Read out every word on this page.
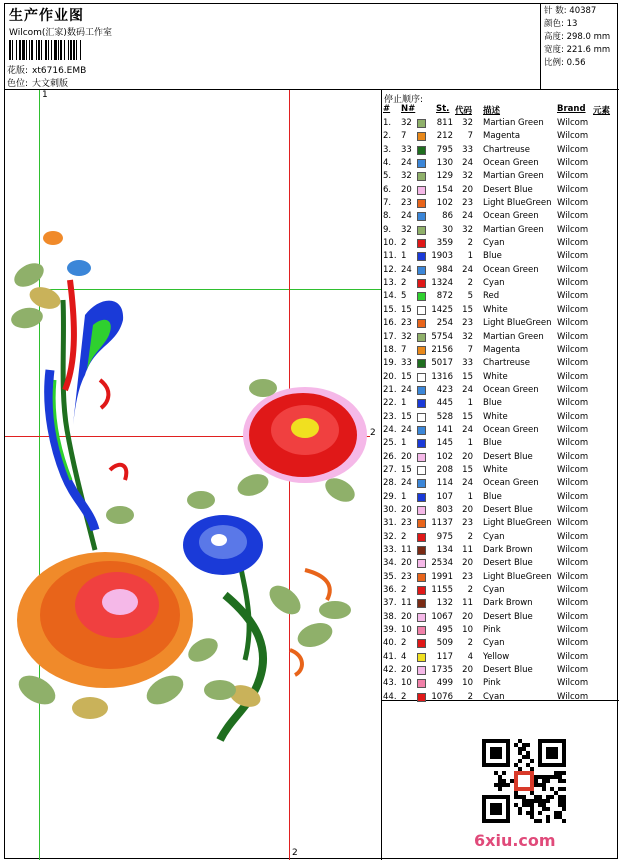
生产作业图
Wilcom(汇家)数码工作室
花版: xt6716.EMB
色位: 大文刺版
针 数: 40387
颜色: 13
高度: 298.0 mm
宽度: 221.6 mm
比例: 0.56
1
2
2
停止顺序:
# N# St. 代码 描述	Brand 元素
1. 32	811	32 Martian Green Wilcom
2. 7	212	7 Magenta	Wilcom
3. 33	795	33 Chartreuse	Wilcom
4. 24	130	24 Ocean Green Wilcom
5. 32	129	32 Martian Green Wilcom
6. 20	154	20 Desert Blue	Wilcom
7. 23	102	23 Light BlueGreen Wilcom
8. 24	86	24 Ocean Green Wilcom
9. 32	30	32 Martian Green Wilcom
10. 2	359	2 Cyan	Wilcom
11. 1	1903	1 Blue	Wilcom
12. 24	984	24 Ocean Green Wilcom
13. 2	1324	2 Cyan	Wilcom
14. 5	872	5 Red	Wilcom
15. 15 1425	15 White	Wilcom
16. 23	254	23 Light BlueGreen Wilcom
17. 32 5754	32 Martian Green Wilcom
18. 7	2156	7 Magenta	Wilcom
19. 33 5017	33 Chartreuse	Wilcom
20. 15 1316	15 White	Wilcom
21. 24	423	24 Ocean Green Wilcom
22. 1	445	1 Blue	Wilcom
23. 15	528	15 White	Wilcom
24. 24	141	24 Ocean Green Wilcom
25. 1	145	1 Blue	Wilcom
26. 20	102	20 Desert Blue	Wilcom
27. 15	208	15 White	Wilcom
28. 24	114	24 Ocean Green Wilcom
29. 1	107	1 Blue	Wilcom
30. 20	803	20 Desert Blue	Wilcom
31. 23 1137	23 Light BlueGreen Wilcom
32. 2	975	2 Cyan	Wilcom
33. 11	134	11 Dark Brown	Wilcom
34. 20 2534	20 Desert Blue	Wilcom
35. 23 1991	23 Light BlueGreen Wilcom
36. 2	1155	2 Cyan	Wilcom
37. 11	132	11 Dark Brown	Wilcom
38. 20 1067	20 Desert Blue	Wilcom
39. 10	495	10 Pink	Wilcom
40. 2	509	2 Cyan	Wilcom
41. 4	117	4 Yellow	Wilcom
42. 20 1735	20 Desert Blue	Wilcom
43. 10	499	10 Pink	Wilcom
44. 2	1076	2 Cyan	Wilcom
6xiu.com
